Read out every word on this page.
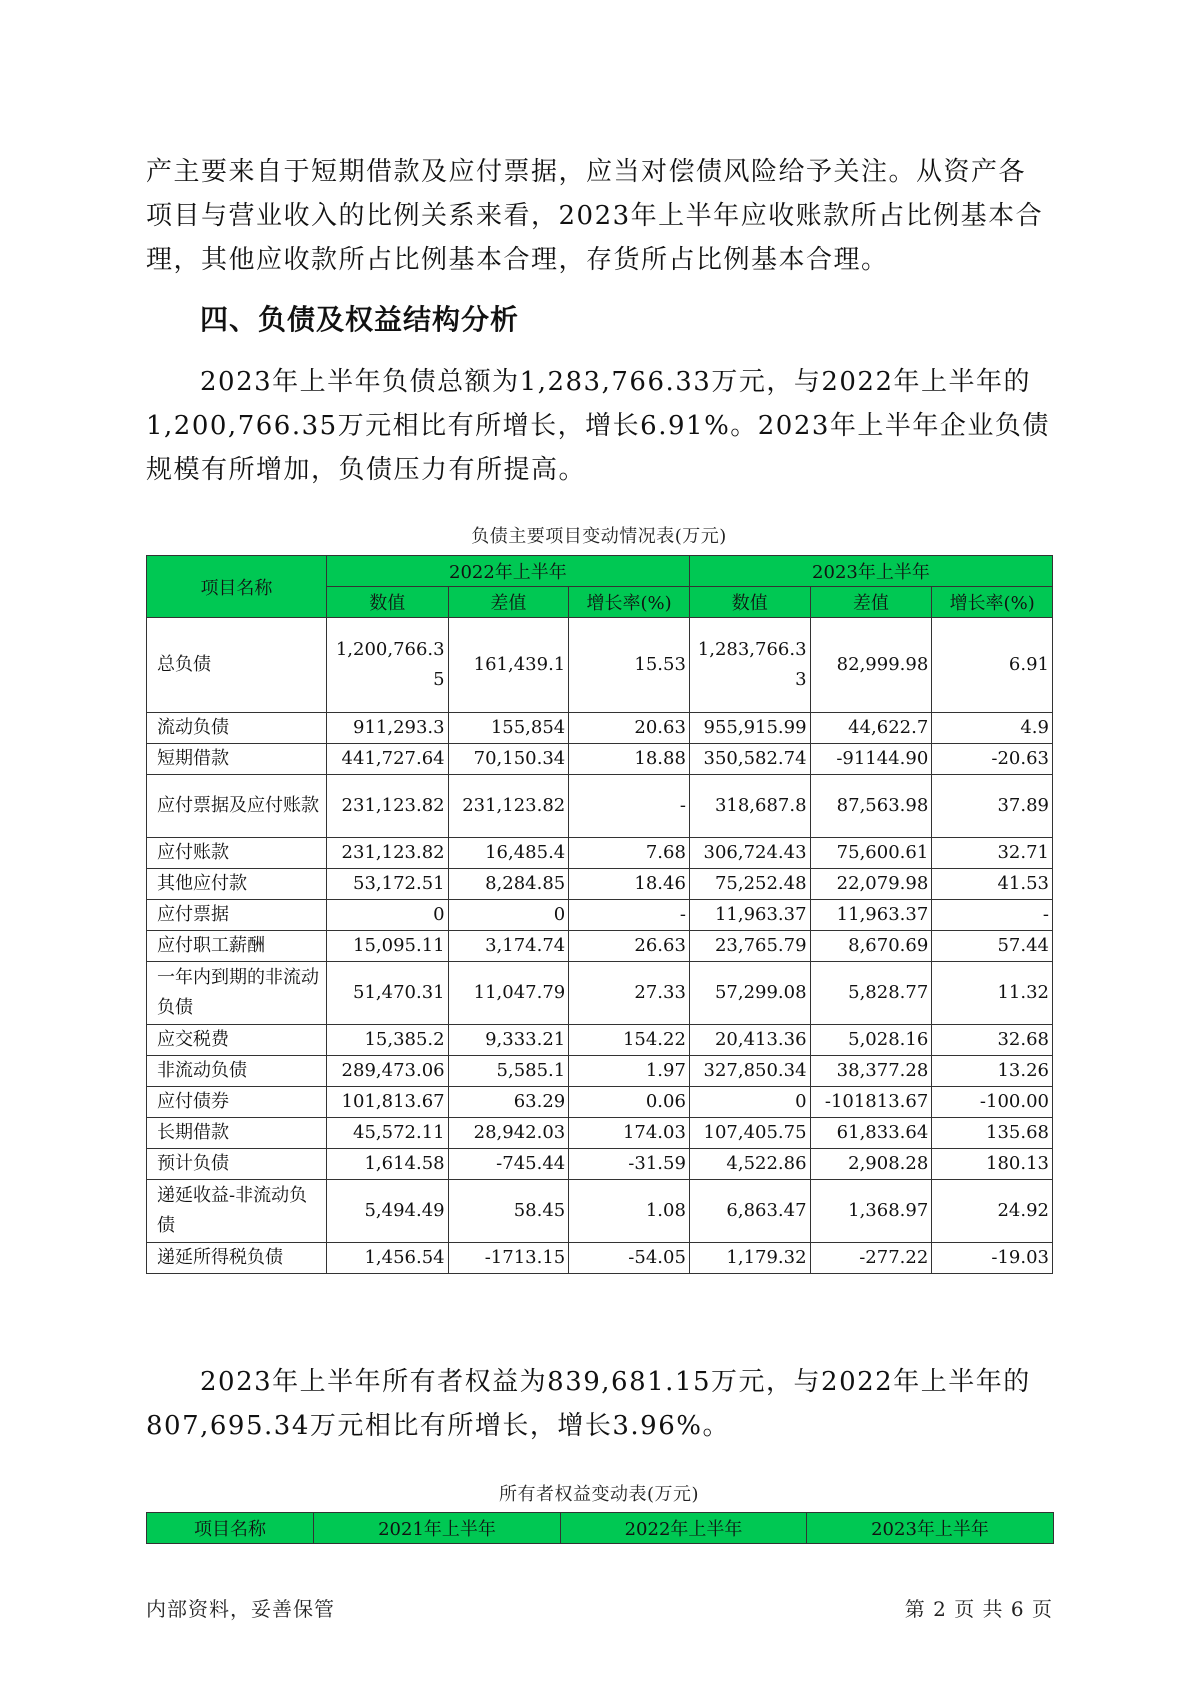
产主要来自于短期借款及应付票据，应当对偿债风险给予关注。从资产各项目与营业收入的比例关系来看，2023年上半年应收账款所占比例基本合理，其他应收款所占比例基本合理，存货所占比例基本合理。

四、负债及权益结构分析

2023年上半年负债总额为1,283,766.33万元，与2022年上半年的1,200,766.35万元相比有所增长，增长6.91%。2023年上半年企业负债规模有所增加，负债压力有所提高。

负债主要项目变动情况表(万元)
项目名称	2022年上半年			2023年上半年		
	数值	差值	增长率(%)	数值	差值	增长率(%)
总负债	1,200,766.35	161,439.1	15.53	1,283,766.33	82,999.98	6.91
流动负债	911,293.3	155,854	20.63	955,915.99	44,622.7	4.9
短期借款	441,727.64	70,150.34	18.88	350,582.74	-91144.90	-20.63
应付票据及应付账款	231,123.82	231,123.82	-	318,687.8	87,563.98	37.89
应付账款	231,123.82	16,485.4	7.68	306,724.43	75,600.61	32.71
其他应付款	53,172.51	8,284.85	18.46	75,252.48	22,079.98	41.53
应付票据	0	0	-	11,963.37	11,963.37	-
应付职工薪酬	15,095.11	3,174.74	26.63	23,765.79	8,670.69	57.44
一年内到期的非流动负债	51,470.31	11,047.79	27.33	57,299.08	5,828.77	11.32
应交税费	15,385.2	9,333.21	154.22	20,413.36	5,028.16	32.68
非流动负债	289,473.06	5,585.1	1.97	327,850.34	38,377.28	13.26
应付债券	101,813.67	63.29	0.06	0	-101813.67	-100.00
长期借款	45,572.11	28,942.03	174.03	107,405.75	61,833.64	135.68
预计负债	1,614.58	-745.44	-31.59	4,522.86	2,908.28	180.13
递延收益-非流动负债	5,494.49	58.45	1.08	6,863.47	1,368.97	24.92
递延所得税负债	1,456.54	-1713.15	-54.05	1,179.32	-277.22	-19.03

2023年上半年所有者权益为839,681.15万元，与2022年上半年的807,695.34万元相比有所增长，增长3.96%。

所有者权益变动表(万元)
项目名称	2021年上半年	2022年上半年	2023年上半年
内部资料，妥善保管	第 2 页 共 6 页
